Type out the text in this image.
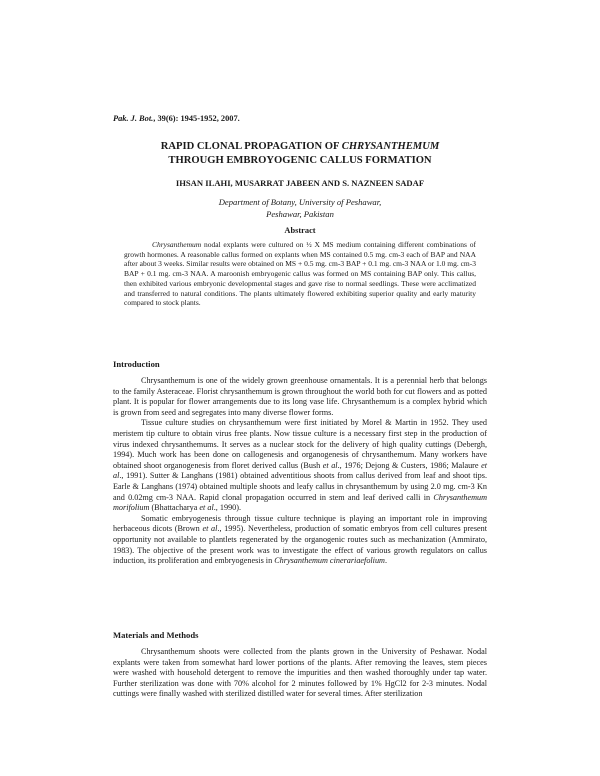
Pak. J. Bot., 39(6): 1945-1952, 2007.
RAPID CLONAL PROPAGATION OF CHRYSANTHEMUM
THROUGH EMBROYOGENIC CALLUS FORMATION
IHSAN ILAHI, MUSARRAT JABEEN AND S. NAZNEEN SADAF
Department of Botany, University of Peshawar,
Peshawar, Pakistan
Abstract

Chrysanthemum nodal explants were cultured on ½ X MS medium containing different combinations of growth hormones. A reasonable callus formed on explants when MS contained 0.5 mg. cm-3 each of BAP and NAA after about 3 weeks. Similar results were obtained on MS + 0.5 mg. cm-3 BAP + 0.1 mg. cm-3 NAA or 1.0 mg. cm-3 BAP + 0.1 mg. cm-3 NAA. A maroonish embryogenic callus was formed on MS containing BAP only. This callus, then exhibited various embryonic developmental stages and gave rise to normal seedlings. These were acclimatized and transferred to natural conditions. The plants ultimately flowered exhibiting superior quality and early maturity compared to stock plants.

Introduction

Chrysanthemum is one of the widely grown greenhouse ornamentals. It is a perennial herb that belongs to the family Asteraceae. Florist chrysanthemum is grown throughout the world both for cut flowers and as potted plant. It is popular for flower arrangements due to its long vase life. Chrysanthemum is a complex hybrid which is grown from seed and segregates into many diverse flower forms.

Tissue culture studies on chrysanthemum were first initiated by Morel & Martin in 1952. They used meristem tip culture to obtain virus free plants. Now tissue culture is a necessary first step in the production of virus indexed chrysanthemums. It serves as a nuclear stock for the delivery of high quality cuttings (Debergh, 1994). Much work has been done on callogenesis and organogenesis of chrysanthemum. Many workers have obtained shoot organogenesis from floret derived callus (Bush et al., 1976; Dejong & Custers, 1986; Malaure et al., 1991). Sutter & Langhans (1981) obtained adventitious shoots from callus derived from leaf and shoot tips. Earle & Langhans (1974) obtained multiple shoots and leafy callus in chrysanthemum by using 2.0 mg. cm-3 Kn and 0.02mg cm-3 NAA. Rapid clonal propagation occurred in stem and leaf derived calli in Chrysanthemum morifolium (Bhattacharya et al., 1990).

Somatic embryogenesis through tissue culture technique is playing an important role in improving herbaceous dicots (Brown et al., 1995). Nevertheless, production of somatic embryos from cell cultures present opportunity not available to plantlets regenerated by the organogenic routes such as mechanization (Ammirato, 1983). The objective of the present work was to investigate the effect of various growth regulators on callus induction, its proliferation and embryogenesis in Chrysanthemum cinerariaefolium.

Materials and Methods

Chrysanthemum shoots were collected from the plants grown in the University of Peshawar. Nodal explants were taken from somewhat hard lower portions of the plants. After removing the leaves, stem pieces were washed with household detergent to remove the impurities and then washed thoroughly under tap water. Further sterilization was done with 70% alcohol for 2 minutes followed by 1% HgCl2 for 2-3 minutes. Nodal cuttings were finally washed with sterilized distilled water for several times. After sterilization
